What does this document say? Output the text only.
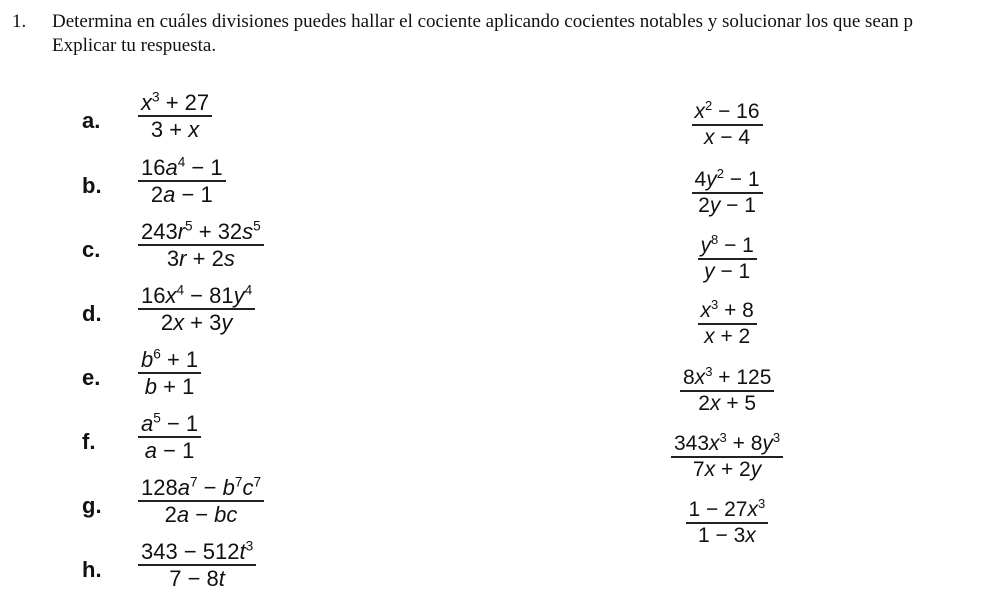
1. Determina en cuáles divisiones puedes hallar el cociente aplicando cocientes notables y solucionar los que sean p
Explicar tu respuesta.
a.
$x^3 + 27$
3 + x
b.
$16a^4 - 1$
2a − 1
c.
$243r^5 + 32s^5$
3r + 2s
d.
$16x^4 - 81y^4$
2x + 3y
e.
$b^6 + 1$
b + 1
f.
$a^5 - 1$
a − 1
g.
$128a^7 - b^7c^7$
2a − bc
h.
$343 - 512t^3$
7 − 8t
$x^2 - 16$
x − 4
$4y^2 - 1$
2y − 1
$y^8 - 1$
y − 1
$x^3 + 8$
x + 2
$8x^3 + 125$
2x + 5
$343x^3 + 8y^3$
7x + 2y
$1 - 27x^3$
1 − 3x
